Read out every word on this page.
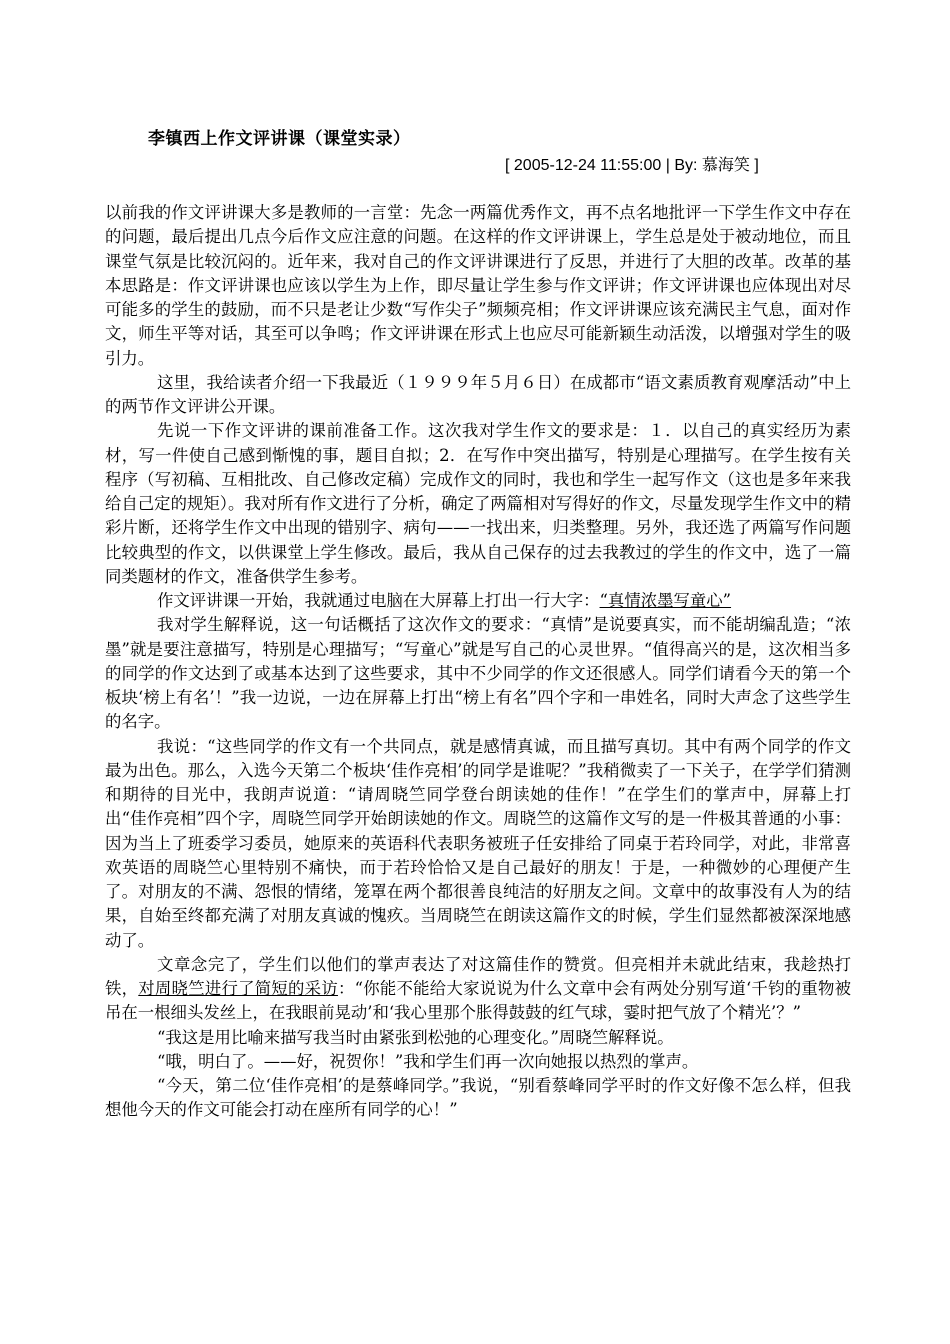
李镇西上作文评讲课（课堂实录）
[ 2005-12-24 11:55:00 | By: 慕海笑 ]

以前我的作文评讲课大多是教师的一言堂：先念一两篇优秀作文，再不点名地批评一下学生作文中存在的问题，最后提出几点今后作文应注意的问题。在这样的作文评讲课上，学生总是处于被动地位，而且课堂气氛是比较沉闷的。近年来，我对自己的作文评讲课进行了反思，并进行了大胆的改革。改革的基本思路是：作文评讲课也应该以学生为上作，即尽量让学生参与作文评讲；作文评讲课也应体现出对尽可能多的学生的鼓励，而不只是老让少数“写作尖子”频频亮相；作文评讲课应该充满民主气息，面对作文，师生平等对话，其至可以争鸣；作文评讲课在形式上也应尽可能新颖生动活泼，以增强对学生的吸引力。

这里，我给读者介绍一下我最近（１９９９年５月６日）在成都市“语文素质教育观摩活动”中上的两节作文评讲公开课。

先说一下作文评讲的课前准备工作。这次我对学生作文的要求是：１．以自己的真实经历为素材，写一件使自己感到惭愧的事，题目自拟；2．在写作中突出描写，特别是心理描写。在学生按有关程序（写初稿、互相批改、自己修改定稿）完成作文的同时，我也和学生一起写作文（这也是多年来我给自己定的规矩）。我对所有作文进行了分析，确定了两篇相对写得好的作文，尽量发现学生作文中的精彩片断，还将学生作文中出现的错别字、病句——一找出来，归类整理。另外，我还选了两篇写作问题比较典型的作文，以供课堂上学生修改。最后，我从自己保存的过去我教过的学生的作文中，选了一篇同类题材的作文，准备供学生参考。

作文评讲课一开始，我就通过电脑在大屏幕上打出一行大字：“真情浓墨写童心”

我对学生解释说，这一句话概括了这次作文的要求：“真情”是说要真实，而不能胡编乱造；“浓墨”就是要注意描写，特别是心理描写；“写童心”就是写自己的心灵世界。“值得高兴的是，这次相当多的同学的作文达到了或基本达到了这些要求，其中不少同学的作文还很感人。同学们请看今天的第一个板块‘榜上有名’！”我一边说，一边在屏幕上打出“榜上有名”四个字和一串姓名，同时大声念了这些学生的名字。

我说：“这些同学的作文有一个共同点，就是感情真诚，而且描写真切。其中有两个同学的作文最为出色。那么，入选今天第二个板块‘佳作亮相’的同学是谁呢？”我稍微卖了一下关子，在学学们猜测和期待的目光中，我朗声说道：“请周晓竺同学登台朗读她的佳作！”在学生们的掌声中，屏幕上打出“佳作亮相”四个字，周晓竺同学开始朗读她的作文。周晓竺的这篇作文写的是一件极其普通的小事：因为当上了班委学习委员，她原来的英语科代表职务被班子任安排给了同桌于若玲同学，对此，非常喜欢英语的周晓竺心里特别不痛快，而于若玲恰恰又是自己最好的朋友！于是，一种微妙的心理便产生了。对朋友的不满、怨恨的情绪，笼罩在两个都很善良纯洁的好朋友之间。文章中的故事没有人为的结果，自始至终都充满了对朋友真诚的愧疚。当周晓竺在朗读这篇作文的时候，学生们显然都被深深地感动了。

文章念完了，学生们以他们的掌声表达了对这篇佳作的赞赏。但亮相并未就此结束，我趁热打铁，对周晓竺进行了简短的采访：“你能不能给大家说说为什么文章中会有两处分别写道‘千钧的重物被吊在一根细头发丝上，在我眼前晃动’和‘我心里那个胀得鼓鼓的红气球，霎时把气放了个精光’？”

“我这是用比喻来描写我当时由紧张到松弛的心理变化。”周晓竺解释说。

“哦，明白了。——好，祝贺你！”我和学生们再一次向她报以热烈的掌声。

“今天，第二位‘佳作亮相’的是蔡峰同学。”我说，“别看蔡峰同学平时的作文好像不怎么样，但我想他今天的作文可能会打动在座所有同学的心！”
